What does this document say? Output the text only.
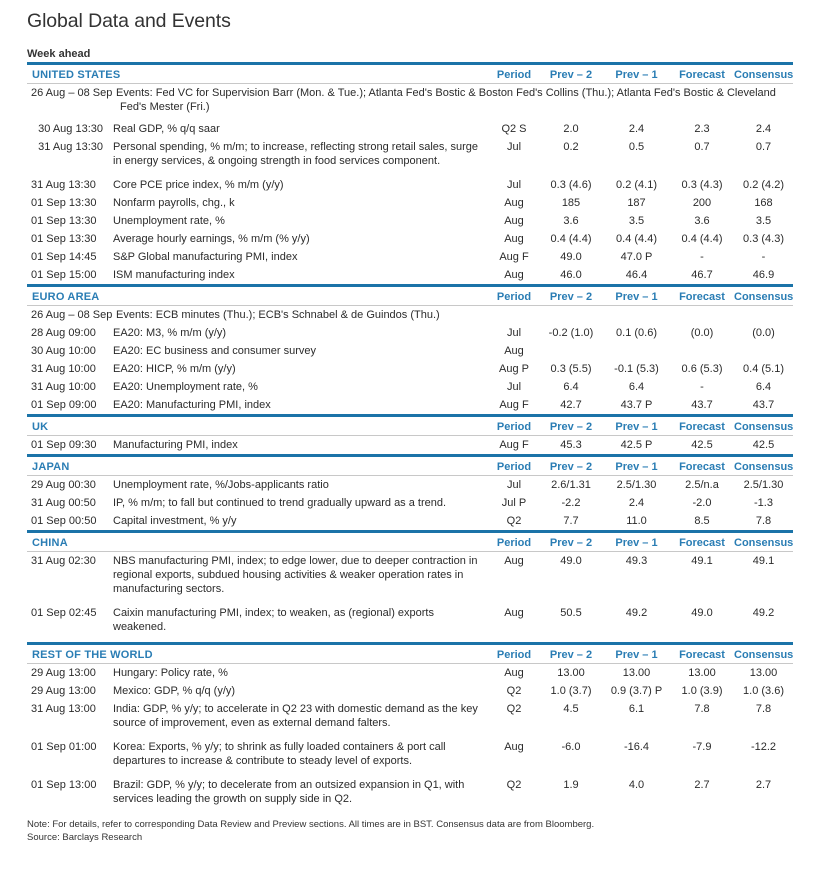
Global Data and Events
Week ahead
UNITED STATES		Period	Prev – 2	Prev – 1	Forecast	Consensus
26 Aug – 08 Sep Events: Fed VC for Supervision Barr (Mon. & Tue.); Atlanta Fed's Bostic & Boston Fed's Collins (Thu.); Atlanta Fed's Bostic & Cleveland
Fed's Mester (Fri.)						

30 Aug 13:30	Real GDP, % q/q saar	Q2 S	2.0	2.4	2.3	2.4
31 Aug 13:30	Personal spending, % m/m; to increase, reflecting strong retail sales, surge in energy services, & ongoing strength in food services component.	Jul	0.2	0.5	0.7	0.7
31 Aug 13:30	Core PCE price index, % m/m (y/y)	Jul	0.3 (4.6)	0.2 (4.1)	0.3 (4.3)	0.2 (4.2)
01 Sep 13:30	Nonfarm payrolls, chg., k	Aug	185	187	200	168
01 Sep 13:30	Unemployment rate, %	Aug	3.6	3.5	3.6	3.5
01 Sep 13:30	Average hourly earnings, % m/m (% y/y)	Aug	0.4 (4.4)	0.4 (4.4)	0.4 (4.4)	0.3 (4.3)
01 Sep 14:45	S&P Global manufacturing PMI, index	Aug F	49.0	47.0 P	-	-
01 Sep 15:00	ISM manufacturing index	Aug	46.0	46.4	46.7	46.9
EURO AREA		Period	Prev – 2	Prev – 1	Forecast	Consensus
26 Aug – 08 Sep Events: ECB minutes (Thu.); ECB's Schnabel & de Guindos (Thu.)						
28 Aug 09:00	EA20: M3, % m/m (y/y)	Jul	-0.2 (1.0)	0.1 (0.6)	(0.0)	(0.0)
30 Aug 10:00	EA20: EC business and consumer survey	Aug				
31 Aug 10:00	EA20: HICP, % m/m (y/y)	Aug P	0.3 (5.5)	-0.1 (5.3)	0.6 (5.3)	0.4 (5.1)
31 Aug 10:00	EA20: Unemployment rate, %	Jul	6.4	6.4	-	6.4
01 Sep 09:00	EA20: Manufacturing PMI, index	Aug F	42.7	43.7 P	43.7	43.7
UK		Period	Prev – 2	Prev – 1	Forecast	Consensus
01 Sep 09:30	Manufacturing PMI, index	Aug F	45.3	42.5 P	42.5	42.5
JAPAN		Period	Prev – 2	Prev – 1	Forecast	Consensus
29 Aug 00:30	Unemployment rate, %/Jobs-applicants ratio	Jul	2.6/1.31	2.5/1.30	2.5/n.a	2.5/1.30
31 Aug 00:50	IP, % m/m; to fall but continued to trend gradually upward as a trend.	Jul P	-2.2	2.4	-2.0	-1.3
01 Sep 00:50	Capital investment, % y/y	Q2	7.7	11.0	8.5	7.8
CHINA		Period	Prev – 2	Prev – 1	Forecast	Consensus
31 Aug 02:30	NBS manufacturing PMI, index; to edge lower, due to deeper contraction in regional exports, subdued housing activities & weaker operation rates in manufacturing sectors.	Aug	49.0	49.3	49.1	49.1
01 Sep 02:45	Caixin manufacturing PMI, index; to weaken, as (regional) exports weakened.	Aug	50.5	49.2	49.0	49.2
REST OF THE WORLD		Period	Prev – 2	Prev – 1	Forecast	Consensus
29 Aug 13:00	Hungary: Policy rate, %	Aug	13.00	13.00	13.00	13.00
29 Aug 13:00	Mexico: GDP, % q/q (y/y)	Q2	1.0 (3.7)	0.9 (3.7) P	1.0 (3.9)	1.0 (3.6)
31 Aug 13:00	India: GDP, % y/y; to accelerate in Q2 23 with domestic demand as the key source of improvement, even as external demand falters.	Q2	4.5	6.1	7.8	7.8
01 Sep 01:00	Korea: Exports, % y/y; to shrink as fully loaded containers & port call departures to increase & contribute to steady level of exports.	Aug	-6.0	-16.4	-7.9	-12.2
01 Sep 13:00	Brazil: GDP, % y/y; to decelerate from an outsized expansion in Q1, with services leading the growth on supply side in Q2.	Q2	1.9	4.0	2.7	2.7
Note: For details, refer to corresponding Data Review and Preview sections. All times are in BST. Consensus data are from Bloomberg.
Source: Barclays Research
